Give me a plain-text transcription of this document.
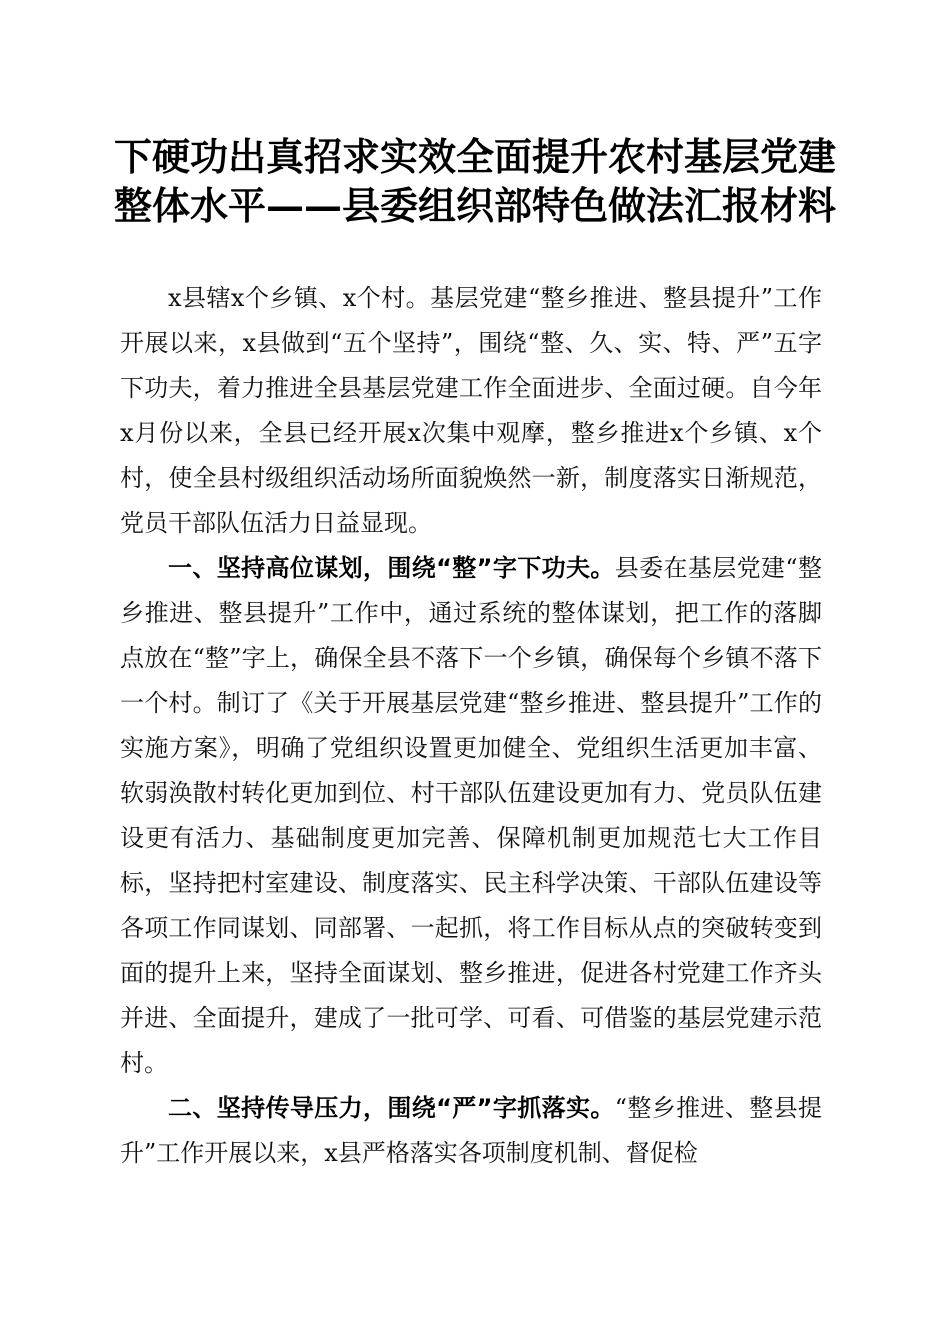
下硬功出真招求实效全面提升农村基层党建整体水平——县委组织部特色做法汇报材料

x县辖x个乡镇、x个村。基层党建“整乡推进、整县提升”工作开展以来，x县做到“五个坚持”，围绕“整、久、实、特、严”五字下功夫，着力推进全县基层党建工作全面进步、全面过硬。自今年x月份以来，全县已经开展x次集中观摩，整乡推进x个乡镇、x个村，使全县村级组织活动场所面貌焕然一新，制度落实日渐规范，党员干部队伍活力日益显现。

一、坚持高位谋划，围绕“整”字下功夫。县委在基层党建“整乡推进、整县提升”工作中，通过系统的整体谋划，把工作的落脚点放在“整”字上，确保全县不落下一个乡镇，确保每个乡镇不落下一个村。制订了《关于开展基层党建“整乡推进、整县提升”工作的实施方案》，明确了党组织设置更加健全、党组织生活更加丰富、软弱涣散村转化更加到位、村干部队伍建设更加有力、党员队伍建设更有活力、基础制度更加完善、保障机制更加规范七大工作目标，坚持把村室建设、制度落实、民主科学决策、干部队伍建设等各项工作同谋划、同部署、一起抓，将工作目标从点的突破转变到面的提升上来，坚持全面谋划、整乡推进，促进各村党建工作齐头并进、全面提升，建成了一批可学、可看、可借鉴的基层党建示范村。

二、坚持传导压力，围绕“严”字抓落实。“整乡推进、整县提升”工作开展以来，x县严格落实各项制度机制、督促检
